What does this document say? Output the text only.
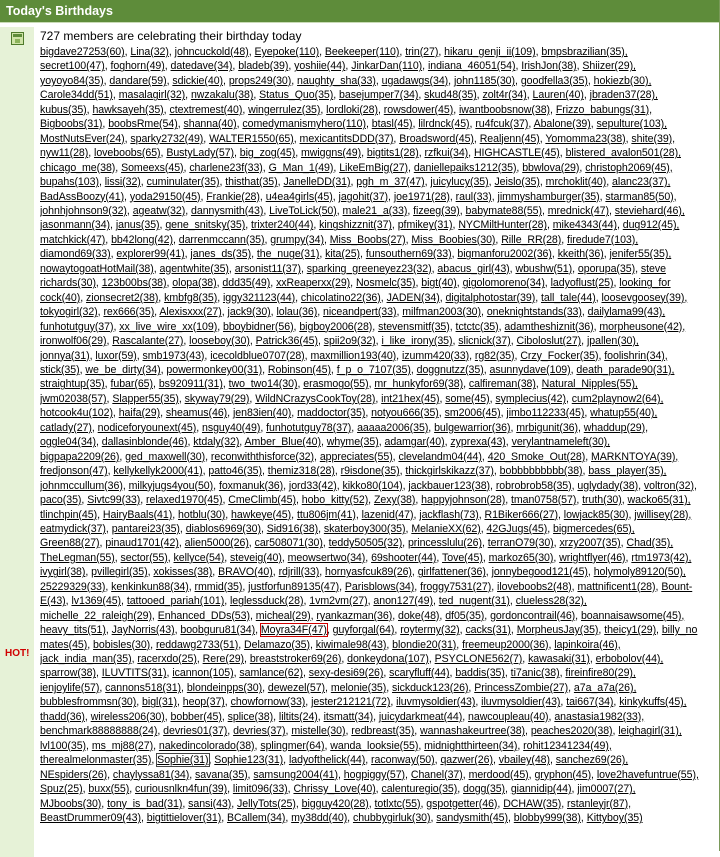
Today's Birthdays
HOT!
727 members are celebrating their birthday today
bigdave27253(60), Lina(32), johncuckold(48), Eyepoke(110), Beekeeper(110), trin(27), hikaru_genji_ii(109), bmpsbrazilian(35),
secret100(47), foghorn(49), datedave(34), bladeb(39), yoshiie(44), JinkarDan(110), indiana_46051(54), IrishJon(38), Shiizer(29),
yoyoyo84(35), dandare(59), sdickie(40), props249(30), naughty_sha(33), ugadawgs(34), john1185(30), goodfella3(35), hokiezb(30),
Carole34dd(51), masalagirl(32), nwzakalu(38), Status_Quo(35), basejumper7(34), skud48(35), zolt4r(34), Lauren(40), jbraden37(28),
kubus(35), hawksayeh(35), ctextremest(40), wingerrulez(35), lordloki(28), rowsdower(45), iwantboobsnow(38), Frizzo_babungs(31),
Bigboobs(31), boobsRme(54), shanna(40), comedymanismyhero(110), btasl(45), lilrdnck(45), ru4fcuk(37), Abalone(39), sepulture(103),
MostNutsEver(24), sparky2732(49), WALTER1550(65), mexicantitsDDD(37), Broadsword(45), Realjenn(45), Yomomma23(38), shite(39),
nyw11(28), loveboobs(65), BustyLady(57), big_zog(45), mwiggns(49), bigtits1(28), rzfkui(34), HIGHCASTLE(45), blistered_avalon501(28),
chicago_me(38), Someexs(45), charlene23f(33), G_Man_1(49), LikeEmBig(27), daniellepaiks1212(35), bbwlova(29), christoph2069(45),
bupahs(103), lissi(32), cuminulater(35), thisthat(35), JanelleDD(31), pgh_m_37(47), juicylucy(35), Jeislo(35), mrchoklit(40), alanc23(37),
BadAssBoozy(41), yoda29150(45), Frankie(28), u4ea4girls(45), jagohit(37), joe1971(28), raul(33), jimmyshamburger(35), starman85(50),
johnhjohnson9(32), ageatw(32), dannysmith(43), LiveToLick(50), male21_a(33), fizeeg(39), babymate88(55), mrednick(47), steviehard(46),
jasonmann(34), janus(35), gene_snitsky(35), trixter240(44), kingshizznit(37), pfmikey(31), NYCMiltHunter(28), mike4343(44), dug912(45),
matchkick(47), bb42long(42), darrenmccann(35), grumpy(34), Miss_Boobs(27), Miss_Boobies(30), Rille_RR(28), firedude7(103),
diamond69(33), explorer99(41), janes_ds(35), the_nuge(31), kita(25), funsouthern69(33), bigmanforu2002(36), kkeith(36), jenifer55(35),
nowaytogoatHotMail(38), agentwhite(35), arsonist11(37), sparking_greeneyez23(32), abacus_girl(43), wbushw(51), oporupa(35), steve
richards(30), 123b00bs(38), olopa(38), ddd35(49), xxReaperxx(29), Nosmelc(35), bigt(40), gigolomoreno(34), ladyoflust(25), looking_for
cock(40), zionsecret2(38), kmbfg8(35), iggy321123(44), chicolatino22(36), JADEN(34), digitalphotostar(39), tall_tale(44), loosevgoosey(39),
tokyogirl(32), rex666(35), Alexisxxx(27), jack9(30), lolau(36), niceandpert(33), milfman2003(30), oneknightstands(33), dailylama99(43),
funhotutguy(37), xx_live_wire_xx(109), bboybidner(56), bigboy2006(28), stevensmitf(35), tctctc(35), adamtheshiznit(36), morpheusone(42),
ironwolf06(29), Rascalante(27), looseboy(30), Patrick36(45), spii2o9(32), i_like_irony(35), slicnick(37), Ciboloslut(27), jpallen(30),
jonnya(31), luxor(59), smb1973(43), icecoldblue0707(28), maxmillion193(40), izumm420(33), rg82(35), Crzy_Focker(35), foolishrin(34),
stick(35), we_be_dirty(34), powermonkey00(31), Robinson(45), f_p_o_7107(35), doggnutzz(35), asunnydave(109), death_parade90(31),
straightup(35), fubar(65), bs920911(31), two_two14(30), erasmogo(55), mr_hunkyfor69(38), calfireman(38), Natural_Nipples(55),
jwm02038(57), Slapper55(35), skyway79(29), WildNCrazysCookToy(28), int21hex(45), some(45), symplecius(42), cum2playnow2(64),
hotcook4u(102), haifa(29), sheamus(46), jen83ien(40), maddoctor(35), notyou666(35), sm2006(45), jimbo112233(45), whatup55(40),
catlady(27), nodiceforyounext(45), nsguy40(49), funhotutguy78(37), aaaaa2006(35), bulgewarrior(36), mrbigunit(36), whaddup(29),
oggle04(34), dallasinblonde(46), ktdaly(32), Amber_Blue(40), whyme(35), adamgar(40), zyprexa(43), verylantnameleft(30),
bigpapa2209(26), ged_maxwell(30), reconwiththisforce(32), appreciates(55), clevelandm04(44), 420_Smoke_Out(28), MARKNTOYA(39),
fredjonson(47), kellykellyk2000(41), patto46(35), themiz318(28), r9isdone(35), thickgirlskikazz(37), bobbbbbbbbb(38), bass_player(35),
johnmccullum(36), milkyjugs4you(50), foxmanuk(36), jord33(42), kikko80(104), jackbauer123(38), robrobrob58(35), uglydady(38), voltron(32),
paco(35), Sivtc99(33), relaxed1970(45), CmeClimb(45), hobo_kitty(52), Zexy(38), happyjohnson(28), tman0758(57), truth(30), wacko65(31),
tlinchpin(45), HairyBaals(41), hotblu(30), hawkeye(45), ttu806jm(41), lazenid(47), jackflash(73), R1Biker666(27), lowjack85(30), jwillisey(28),
eatmydick(37), pantarei23(35), diablos6969(30), Sid916(38), skaterboy300(35), MelanieXX(62), 42GJugs(45), bigmercedes(65),
Green88(27), pinaud1701(42), alien5000(26), car508071(30), teddy50505(32), princesslulu(26), terranO79(30), xrzy2007(35), Chad(35),
TheLegman(55), sector(55), kellyce(54), steveig(40), meowsertwo(34), 69shooter(44), Tove(45), markoz65(30), wrightflyer(46), rtm1973(42),
ivygirl(38), pvillegirl(35), xokisses(38), BRAVO(40), rdjrill(33), hornyasfcuk89(26), girlfattener(36), jonnybegood121(45), holymoly89120(50),
25229329(33), kenkinkun88(34), rmmid(35), justforfun89135(47), Parisblows(34), froggy7531(27), iloveboobs2(48), mattnificent1(28), Bount-
E(43), lv1369(45), tattooed_pariah(101), leglessduck(28), 1vm2vm(27), anon127(49), ted_nugent(31), clueless28(32),
michelle_22_raleigh(29), Enhanced_DDs(53), micheal(29), ryankazman(36), doke(48), df05(35), gordoncontrail(46), boannaisawsome(45),
heavy_tits(51), JayNorris(43), boobguru81(34), Moyra34F(47), guyforgal(64), roytermy(32), cacks(31), MorpheusJay(35), theicy1(29), billy_no
mates(45), bobisles(30), reddawg2733(51), Delamazo(35), kiwimale98(43), blondie20(31), freemeup2000(36), lapinkoira(46),
jack_india_man(35), racerxdo(25), Rere(29), breaststroker69(26), donkeydona(107), PSYCLONE562(7), kawasaki(31), erbobolov(44),
sparrow(38), ILUVTITS(31), icannon(105), samlance(62), sexy-desi69(26), scaryfluff(44), baddis(35), ti7anic(38), fireinfire80(29),
ienjoylife(57), cannons518(31), blondeinpps(30), dewezel(57), melonie(35), sickduck123(26), PrincessZombie(27), a7a_a7a(26),
bubblesfrommsn(30), bigl(31), heop(37), chowfornow(33), jester212121(72), iluvmysoldier(43), iluvmysoldier(43), tai667(34), kinkykuffs(45),
thadd(36), wireless206(30), bobber(45), splice(38), liltits(24), itsmatt(34), juicydarkmeat(44), nawcoupleau(40), anastasia1982(33),
benchmark88888888(24), devries01(37), devries(37), mistelle(30), redbreast(35), wannashakeurtree(38), peaches2020(38), leighagirl(31),
lvl100(35), ms_mj88(27), nakedincolorado(38), splingmer(64), wanda_looksie(55), midnightthirteen(34), rohit12341234(49),
therealmelonmaster(35), Sophie(31), Sophie123(31), ladyofthelick(44), raconway(50), qazwer(26), vbailey(48), sanchez69(26),
NEspiders(26), chaylyssa81(34), savana(35), samsung2004(41), hogpiggy(57), Chanel(37), merdood(45), gryphon(45), love2havefuntrue(55),
Spuz(25), buxx(55), curiousnlkn4fun(39), limit096(33), Chrissy_Love(40), calenturegio(35), dogg(35), giannidip(44), jim0007(27),
MJboobs(30), tony_is_bad(31), sansi(43), JellyTots(25), bigguy420(28), totlxtc(55), gspotgetter(46), DCHAW(35), rstanleyjr(87),
BeastDrummer09(43), bigtittielover(31), BCallem(34), my38dd(40), chubbygirluk(30), sandysmith(45), blobby999(38), Kittyboy(35)
